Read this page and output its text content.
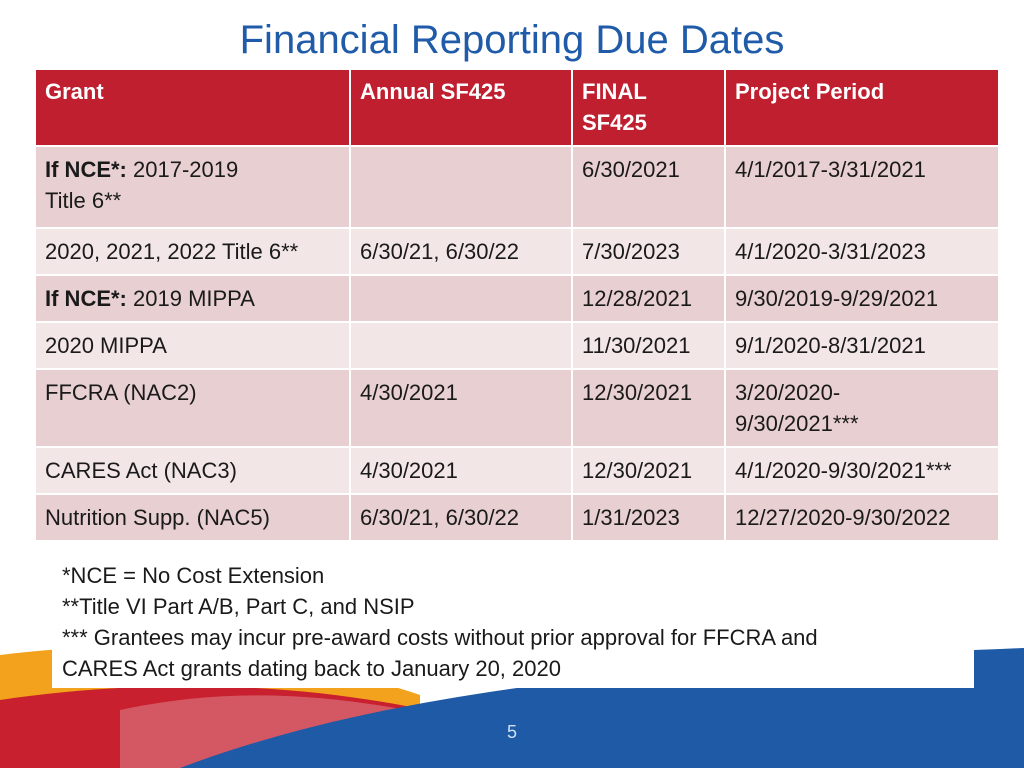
Financial Reporting Due Dates
Grant	Annual SF425	FINAL SF425	Project Period
If NCE*: 2017-2019
Title 6**		6/30/2021	4/1/2017-3/31/2021
2020, 2021, 2022 Title 6**	6/30/21, 6/30/22	7/30/2023	4/1/2020-3/31/2023
If NCE*: 2019 MIPPA		12/28/2021	9/30/2019-9/29/2021
2020 MIPPA		11/30/2021	9/1/2020-8/31/2021
FFCRA (NAC2)	4/30/2021	12/30/2021	3/20/2020-
9/30/2021***
CARES Act (NAC3)	4/30/2021	12/30/2021	4/1/2020-9/30/2021***
Nutrition Supp. (NAC5)	6/30/21, 6/30/22	1/31/2023	12/27/2020-9/30/2022
*NCE = No Cost Extension
**Title VI Part A/B, Part C, and NSIP
*** Grantees may incur pre-award costs without prior approval for FFCRA and
CARES Act grants dating back to January 20, 2020
5
